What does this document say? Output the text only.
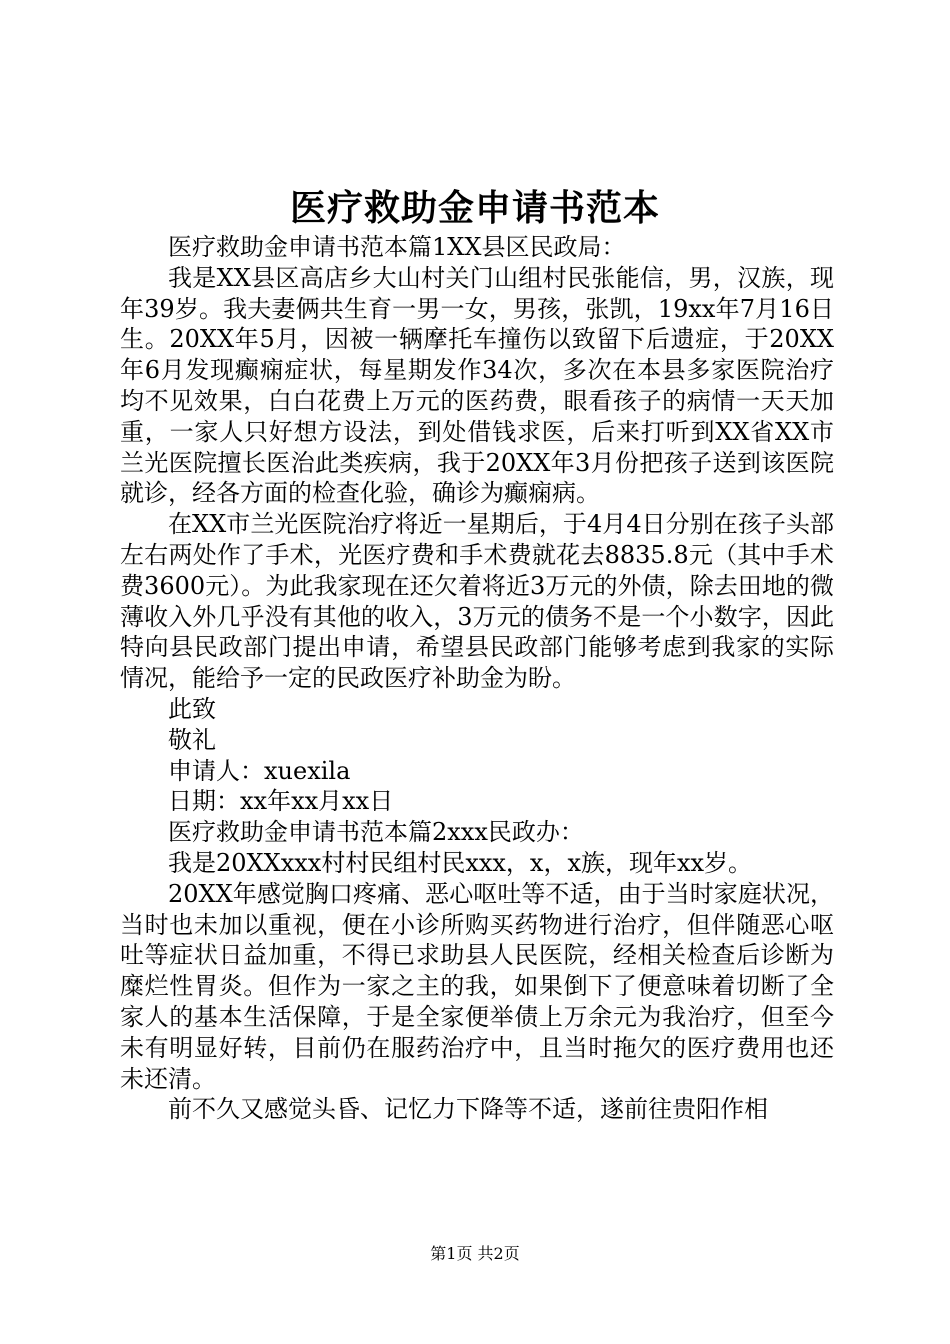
医疗救助金申请书范本

医疗救助金申请书范本篇1XX县区民政局：

我是XX县区高店乡大山村关门山组村民张能信，男，汉族，现年39岁。我夫妻俩共生育一男一女，男孩，张凯，19xx年7月16日生。20XX年5月，因被一辆摩托车撞伤以致留下后遗症，于20XX年6月发现癫痫症状，每星期发作34次，多次在本县多家医院治疗均不见效果，白白花费上万元的医药费，眼看孩子的病情一天天加重，一家人只好想方设法，到处借钱求医，后来打听到XX省XX市兰光医院擅长医治此类疾病，我于20XX年3月份把孩子送到该医院就诊，经各方面的检查化验，确诊为癫痫病。

在XX市兰光医院治疗将近一星期后，于4月4日分别在孩子头部左右两处作了手术，光医疗费和手术费就花去8835.8元（其中手术费3600元）。为此我家现在还欠着将近3万元的外债，除去田地的微薄收入外几乎没有其他的收入，3万元的债务不是一个小数字，因此特向县民政部门提出申请，希望县民政部门能够考虑到我家的实际情况，能给予一定的民政医疗补助金为盼。

此致

敬礼

申请人：xuexila

日期：xx年xx月xx日

医疗救助金申请书范本篇2xxx民政办：

我是20XXxxx村村民组村民xxx，x，x族，现年xx岁。

20XX年感觉胸口疼痛、恶心呕吐等不适，由于当时家庭状况，当时也未加以重视，便在小诊所购买药物进行治疗，但伴随恶心呕吐等症状日益加重，不得已求助县人民医院，经相关检查后诊断为糜烂性胃炎。但作为一家之主的我，如果倒下了便意味着切断了全家人的基本生活保障，于是全家便举债上万余元为我治疗，但至今未有明显好转，目前仍在服药治疗中，且当时拖欠的医疗费用也还未还清。

前不久又感觉头昏、记忆力下降等不适，遂前往贵阳作相

第1页 共2页
